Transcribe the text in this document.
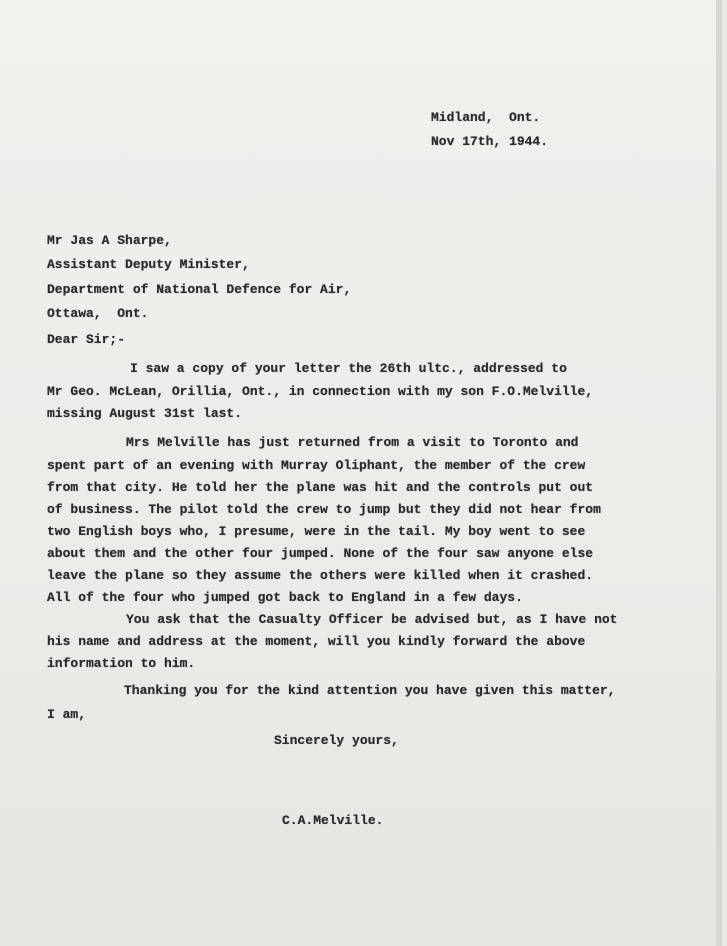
Midland,  Ont.
Nov 17th, 1944.
Mr Jas A Sharpe,
Assistant Deputy Minister,
Department of National Defence for Air,
Ottawa,  Ont.
Dear Sir;-
I saw a copy of your letter the 26th ultc., addressed to
Mr Geo. McLean, Orillia, Ont., in connection with my son F.O.Melville,
missing August 31st last.
Mrs Melville has just returned from a visit to Toronto and
spent part of an evening with Murray Oliphant, the member of the crew
from that city. He told her the plane was hit and the controls put out
of business. The pilot told the crew to jump but they did not hear from
two English boys who, I presume, were in the tail. My boy went to see
about them and the other four jumped. None of the four saw anyone else
leave the plane so they assume the others were killed when it crashed.
All of the four who jumped got back to England in a few days.
You ask that the Casualty Officer be advised but, as I have not
his name and address at the moment, will you kindly forward the above
information to him.
Thanking you for the kind attention you have given this matter,
I am,
Sincerely yours,
C.A.Melville.
